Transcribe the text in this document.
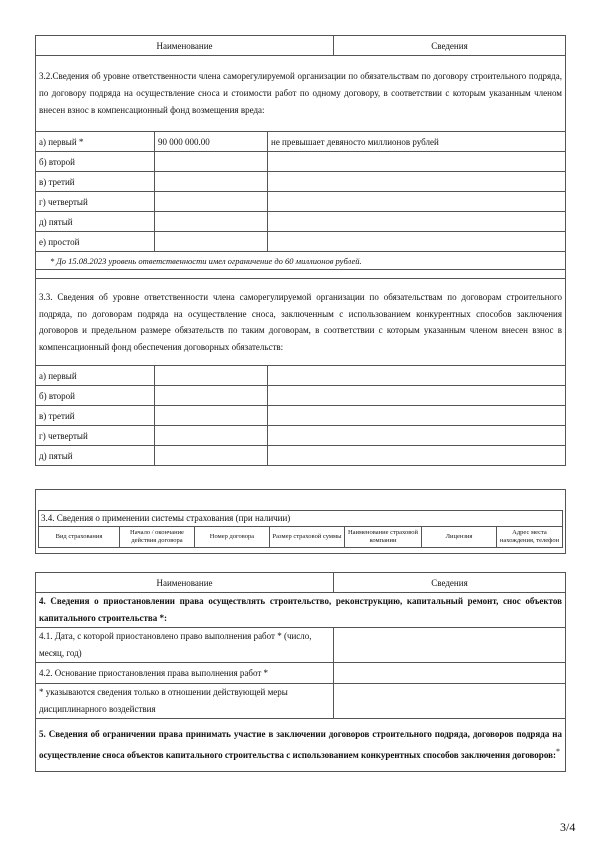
Наименование	Сведения
3.2.Сведения об уровне ответственности члена саморегулируемой организации по обязательствам по договору строительного подряда, по договору подряда на осуществление сноса и стоимости работ по одному договору, в соответствии с которым указанным членом внесен взнос в компенсационный фонд возмещения вреда:		
а) первый *	90 000 000.00	не превышает девяносто миллионов рублей
б) второй		
в) третий		
г) четвертый		
д) пятый		
е) простой		
* До 15.08.2023 уровень ответственности имел ограничение до 60 миллионов рублей.		

3.3. Сведения об уровне ответственности члена саморегулируемой организации по обязательствам по договорам строительного подряда, по договорам подряда на осуществление сноса, заключенным с использованием конкурентных способов заключения договоров и предельном размере обязательств по таким договорам, в соответствии с которым указанным членом внесен взнос в компенсационный фонд обеспечения договорных обязательств:		
а) первый		
б) второй		
в) третий		
г) четвертый		
д) пятый		
3.4. Сведения о применении системы страхования (при наличии)
Вид страхования	Начало / окончание действия договора	Номер договора	Размер страховой суммы	Наименование страховой компании	Лицензия	Адрес места нахождения, телефон
Наименование	Сведения
4. Сведения о приостановлении права осуществлять строительство, реконструкцию, капитальный ремонт, снос объектов капитального строительства *:	
4.1. Дата, с которой приостановлено право выполнения работ * (число, месяц, год)	
4.2. Основание приостановления права выполнения работ *	
* указываются сведения только в отношении действующей меры дисциплинарного воздействия	
5. Сведения об ограничении права принимать участие в заключении договоров строительного подряда, договоров подряда на осуществление сноса объектов капитального строительства с использованием конкурентных способов заключения договоров:*
3/4
